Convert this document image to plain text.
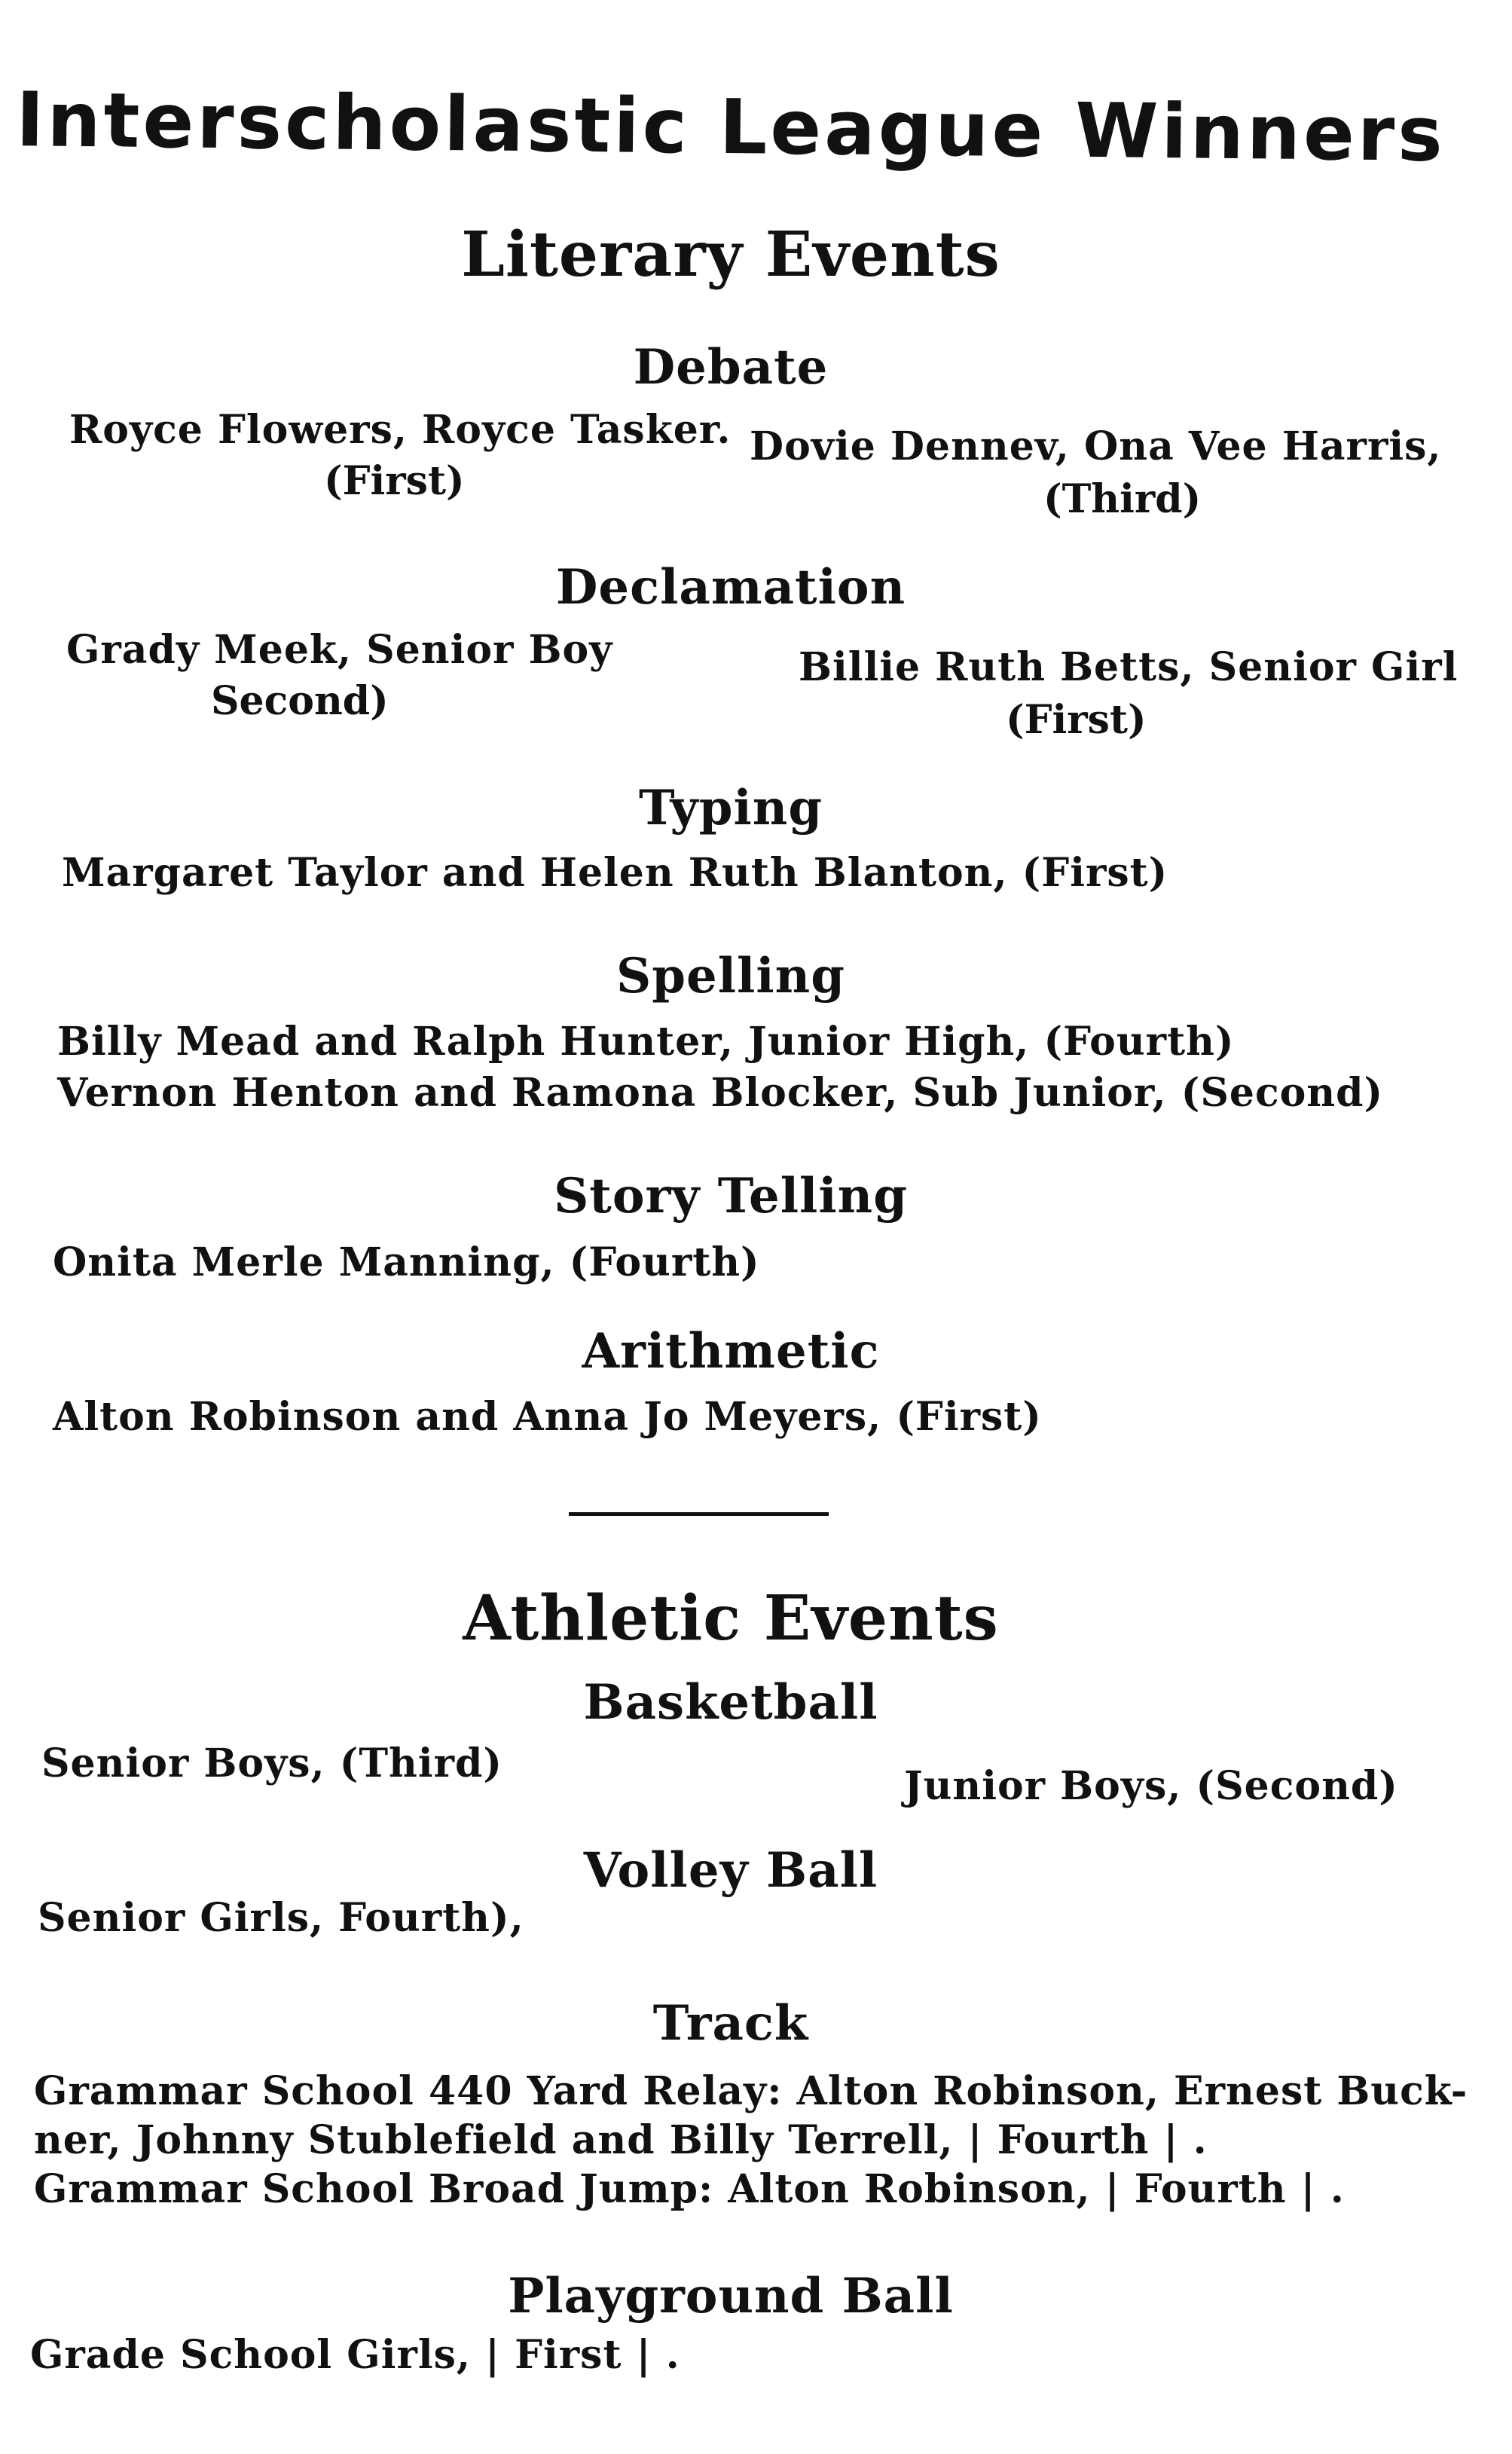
Interscholastic League Winners
Literary Events
Debate
Royce Flowers, Royce Tasker.
(First)
Dovie Dennev, Ona Vee Harris,
(Third)
Declamation
Grady Meek, Senior Boy
Second)
Billie Ruth Betts, Senior Girl
(First)
Typing
Margaret Taylor and Helen Ruth Blanton, (First)
Spelling
Billy Mead and Ralph Hunter, Junior High, (Fourth)
Vernon Henton and Ramona Blocker, Sub Junior, (Second)
Story Telling
Onita Merle Manning, (Fourth)
Arithmetic
Alton Robinson and Anna Jo Meyers, (First)
Athletic Events
Basketball
Senior Boys, (Third)	Junior Boys, (Second)
Volley Ball
Senior Girls, Fourth),
Track
Grammar School 440 Yard Relay: Alton Robinson, Ernest Buck-
ner, Johnny Stublefield and Billy Terrell, | Fourth | .
Grammar School Broad Jump: Alton Robinson, | Fourth | .
Playground Ball
Grade School Girls, | First | .
